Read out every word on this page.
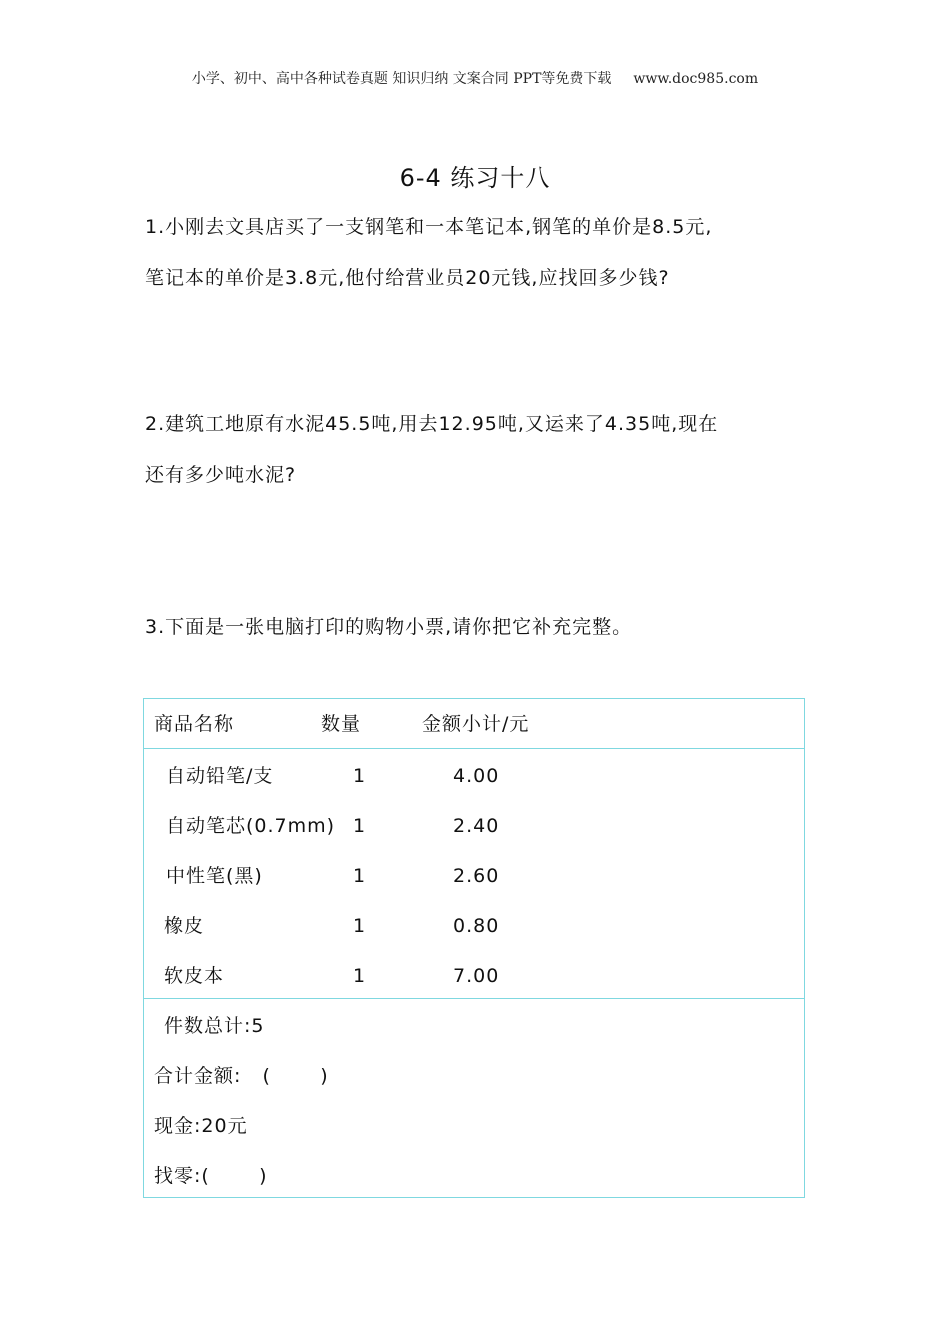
小学、初中、高中各种试卷真题 知识归纳 文案合同 PPT等免费下载 www.doc985.com
6-4 练习十八
1.小刚去文具店买了一支钢笔和一本笔记本,钢笔的单价是8.5元,
笔记本的单价是3.8元,他付给营业员20元钱,应找回多少钱?
2.建筑工地原有水泥45.5吨,用去12.95吨,又运来了4.35吨,现在
还有多少吨水泥?
3.下面是一张电脑打印的购物小票,请你把它补充完整。
商品名称	数量	金额小计/元
自动铅笔/支	1	4.00
自动笔芯(0.7mm) 1	2.40
中性笔(黑)	1	2.60
橡皮	1	0.80
软皮本	1	7.00
件数总计:5
合计金额:   (       )
现金:20元
找零:(       )
